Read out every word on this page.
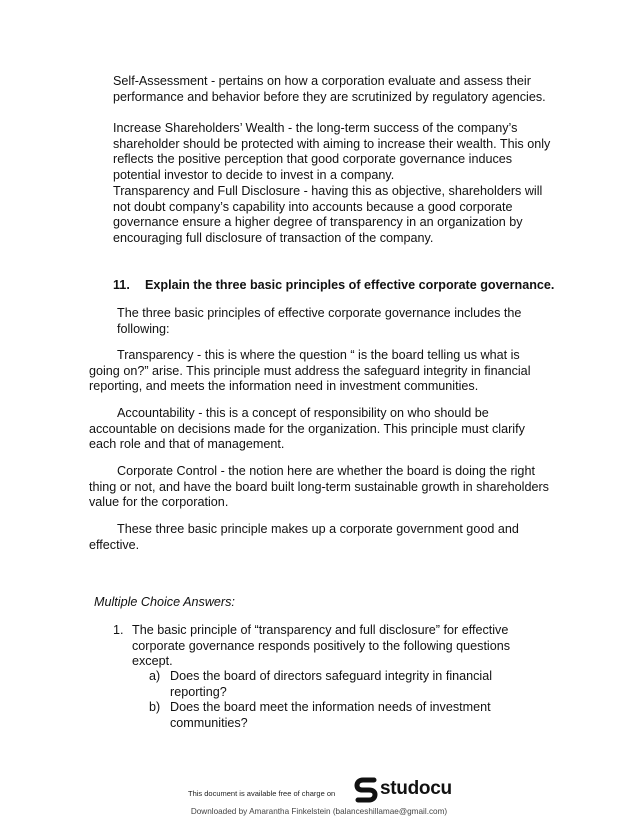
Self-Assessment - pertains on how a corporation evaluate and assess their performance and behavior before they are scrutinized by regulatory agencies.

Increase Shareholders’ Wealth - the long-term success of the company’s shareholder should be protected with aiming to increase their wealth. This only reflects the positive perception that good corporate governance induces potential investor to decide to invest in a company.

Transparency and Full Disclosure - having this as objective, shareholders will not doubt company’s capability into accounts because a good corporate governance ensure a higher degree of transparency in an organization by encouraging full disclosure of transaction of the company.

11. Explain the three basic principles of effective corporate governance.

The three basic principles of effective corporate governance includes the following:

Transparency - this is where the question “ is the board telling us what is going on?” arise. This principle must address the safeguard integrity in financial reporting, and meets the information need in investment communities.

Accountability - this is a concept of responsibility on who should be accountable on decisions made for the organization. This principle must clarify each role and that of management.

Corporate Control - the notion here are whether the board is doing the right thing or not, and have the board built long-term sustainable growth in shareholders value for the corporation.

These three basic principle makes up a corporate government good and effective.

Multiple Choice Answers:
1. The basic principle of “transparency and full disclosure” for effective corporate governance responds positively to the following questions except.
a) Does the board of directors safeguard integrity in financial reporting?
b) Does the board meet the information needs of investment communities?
This document is available free of charge on studocu
Downloaded by Amarantha Finkelstein (balanceshillamae@gmail.com)
